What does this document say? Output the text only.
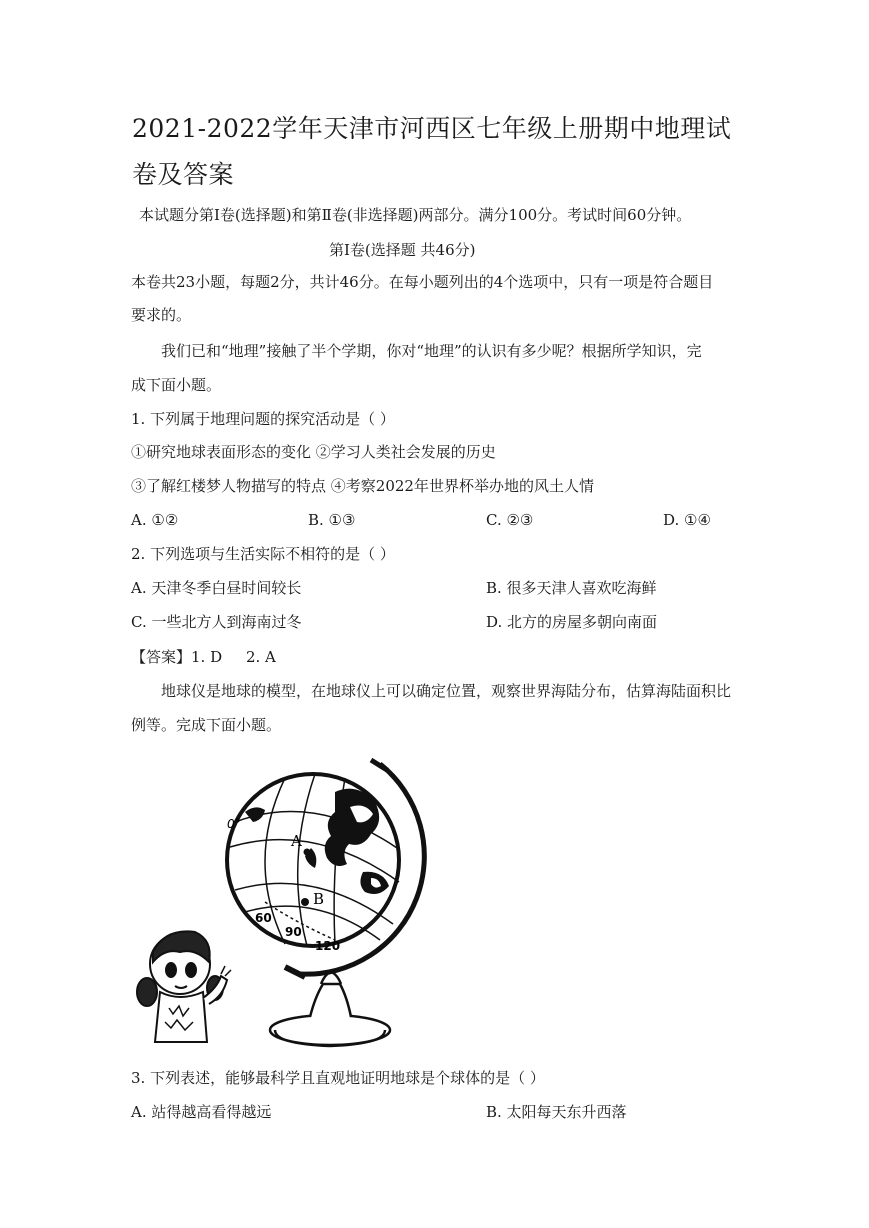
2021-2022学年天津市河西区七年级上册期中地理试卷及答案

本试题分第Ⅰ卷(选择题)和第Ⅱ卷(非选择题)两部分。满分100分。考试时间60分钟。

第Ⅰ卷(选择题 共46分)

本卷共23小题，每题2分，共计46分。在每小题列出的4个选项中，只有一项是符合题目

要求的。

我们已和“地理”接触了半个学期，你对“地理”的认识有多少呢？根据所学知识，完

成下面小题。

1. 下列属于地理问题的探究活动是（ ）

①研究地球表面形态的变化 ②学习人类社会发展的历史

③了解红楼梦人物描写的特点 ④考察2022年世界杯举办地的风土人情

A. ①②	B. ①③	C. ②③	D. ①④

2. 下列选项与生活实际不相符的是（ ）

A. 天津冬季白昼时间较长	B. 很多天津人喜欢吃海鲜
C. 一些北方人到海南过冬	D. 北方的房屋多朝向南面

【答案】1. D     2. A

地球仪是地球的模型，在地球仪上可以确定位置，观察世界海陆分布，估算海陆面积比

例等。完成下面小题。

A
B
60
90
120
0°

3. 下列表述，能够最科学且直观地证明地球是个球体的是（ ）

A. 站得越高看得越远	B. 太阳每天东升西落
